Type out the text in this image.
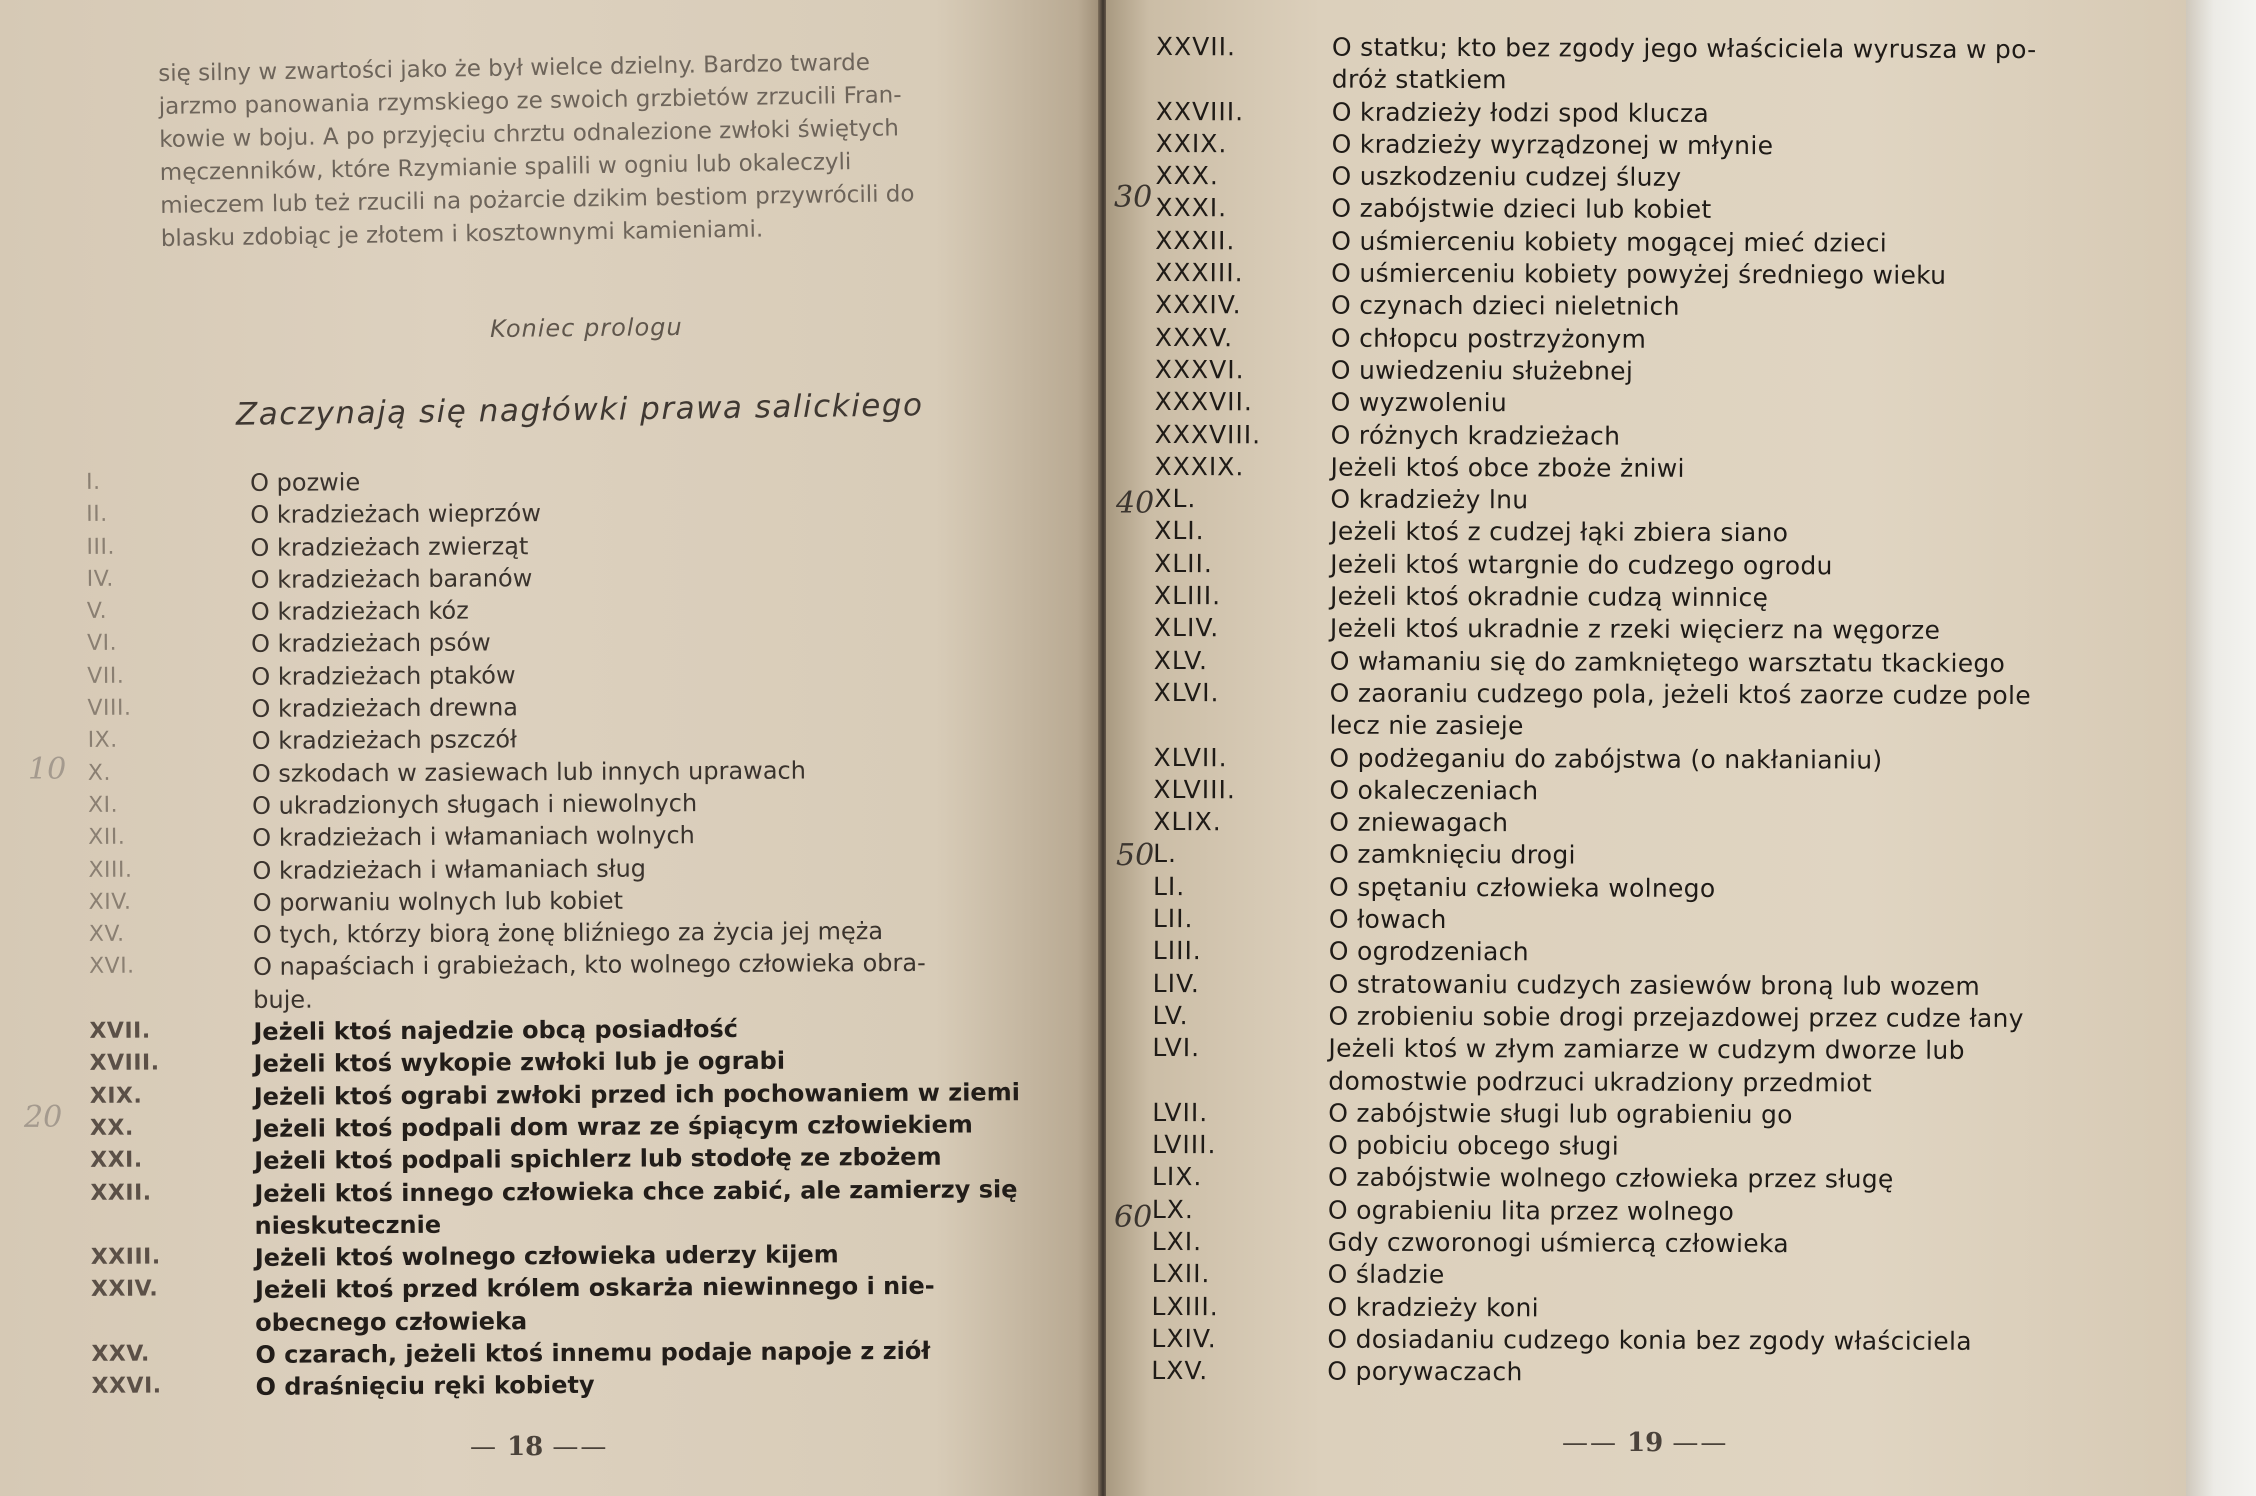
się silny w zwartości jako że był wielce dzielny. Bardzo twarde

jarzmo panowania rzymskiego ze swoich grzbietów zrzucili Fran-

kowie w boju. A po przyjęciu chrztu odnalezione zwłoki świętych

męczenników, które Rzymianie spalili w ogniu lub okaleczyli

mieczem lub też rzucili na pożarcie dzikim bestiom przywrócili do

blasku zdobiąc je złotem i kosztownymi kamieniami.

Koniec prologu
Zaczynają się nagłówki prawa salickiego
I.	O pozwie
II.	O kradzieżach wieprzów
III.	O kradzieżach zwierząt
IV.	O kradzieżach baranów
V.	O kradzieżach kóz
VI.	O kradzieżach psów
VII.	O kradzieżach ptaków
VIII.	O kradzieżach drewna
IX.	O kradzieżach pszczół
X.	O szkodach w zasiewach lub innych uprawach
XI.	O ukradzionych sługach i niewolnych
XII.	O kradzieżach i włamaniach wolnych
XIII.	O kradzieżach i włamaniach sług
XIV.	O porwaniu wolnych lub kobiet
XV.	O tych, którzy biorą żonę bliźniego za życia jej męża
XVI.	O napaściach i grabieżach, kto wolnego człowieka obra-
buje.
XVII.	Jeżeli ktoś najedzie obcą posiadłość
XVIII.	Jeżeli ktoś wykopie zwłoki lub je ograbi
XIX.	Jeżeli ktoś ograbi zwłoki przed ich pochowaniem w ziemi
XX.	Jeżeli ktoś podpali dom wraz ze śpiącym człowiekiem
XXI.	Jeżeli ktoś podpali spichlerz lub stodołę ze zbożem
XXII.	Jeżeli ktoś innego człowieka chce zabić, ale zamierzy się
nieskutecznie
XXIII.	Jeżeli ktoś wolnego człowieka uderzy kijem
XXIV.	Jeżeli ktoś przed królem oskarża niewinnego i nie-
obecnego człowieka
XXV.	O czarach, jeżeli ktoś innemu podaje napoje z ziół
XXVI.	O draśnięciu ręki kobiety
— 18 ——
10
20
—— 19 ——
XXVII.	O statku; kto bez zgody jego właściciela wyrusza w po-
dróż statkiem
XXVIII.	O kradzieży łodzi spod klucza
XXIX.	O kradzieży wyrządzonej w młynie
XXX.	O uszkodzeniu cudzej śluzy
XXXI.	O zabójstwie dzieci lub kobiet
XXXII.	O uśmierceniu kobiety mogącej mieć dzieci
XXXIII.	O uśmierceniu kobiety powyżej średniego wieku
XXXIV.	O czynach dzieci nieletnich
XXXV.	O chłopcu postrzyżonym
XXXVI.	O uwiedzeniu służebnej
XXXVII.	O wyzwoleniu
XXXVIII.	O różnych kradzieżach
XXXIX.	Jeżeli ktoś obce zboże żniwi
XL.	O kradzieży lnu
XLI.	Jeżeli ktoś z cudzej łąki zbiera siano
XLII.	Jeżeli ktoś wtargnie do cudzego ogrodu
XLIII.	Jeżeli ktoś okradnie cudzą winnicę
XLIV.	Jeżeli ktoś ukradnie z rzeki więcierz na węgorze
XLV.	O włamaniu się do zamkniętego warsztatu tkackiego
XLVI.	O zaoraniu cudzego pola, jeżeli ktoś zaorze cudze pole
lecz nie zasieje
XLVII.	O podżeganiu do zabójstwa (o nakłanianiu)
XLVIII.	O okaleczeniach
XLIX.	O zniewagach
L.	O zamknięciu drogi
LI.	O spętaniu człowieka wolnego
LII.	O łowach
LIII.	O ogrodzeniach
LIV.	O stratowaniu cudzych zasiewów broną lub wozem
LV.	O zrobieniu sobie drogi przejazdowej przez cudze łany
LVI.	Jeżeli ktoś w złym zamiarze w cudzym dworze lub
domostwie podrzuci ukradziony przedmiot
LVII.	O zabójstwie sługi lub ograbieniu go
LVIII.	O pobiciu obcego sługi
LIX.	O zabójstwie wolnego człowieka przez sługę
LX.	O ograbieniu lita przez wolnego
LXI.	Gdy czworonogi uśmiercą człowieka
LXII.	O śladzie
LXIII.	O kradzieży koni
LXIV.	O dosiadaniu cudzego konia bez zgody właściciela
LXV.	O porywaczach
30
40
50
60
